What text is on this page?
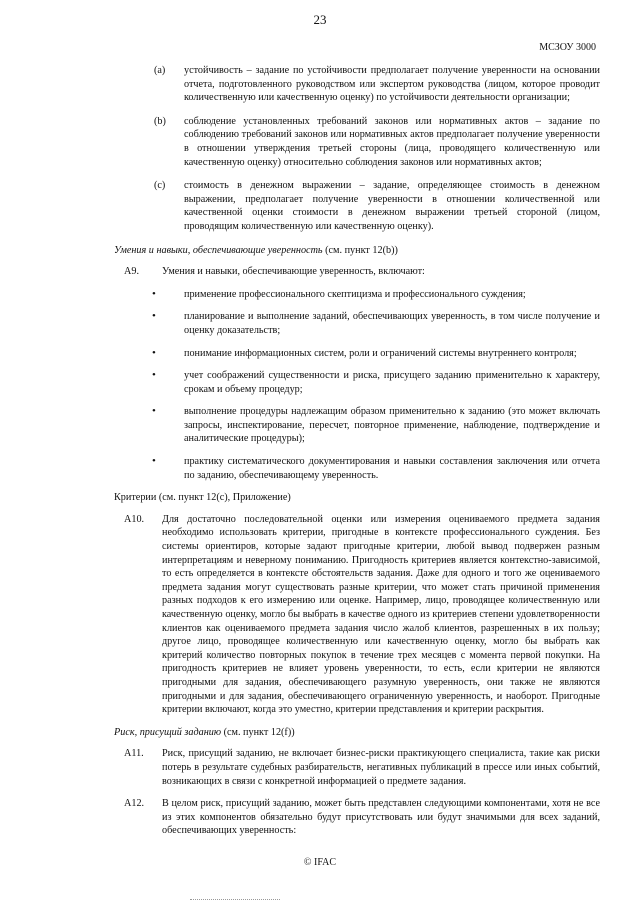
23
МСЗОУ 3000
(a) устойчивость – задание по устойчивости предполагает получение уверенности на основании отчета, подготовленного руководством или экспертом руководства (лицом, которое проводит количественную или качественную оценку) по устойчивости деятельности организации;
(b) соблюдение установленных требований законов или нормативных актов – задание по соблюдению требований законов или нормативных актов предполагает получение уверенности в отношении утверждения третьей стороны (лица, проводящего количественную или качественную оценку) относительно соблюдения законов или нормативных актов;
(c) стоимость в денежном выражении – задание, определяющее стоимость в денежном выражении, предполагает получение уверенности в отношении количественной или качественной оценки стоимости в денежном выражении третьей стороной (лицом, проводящим количественную или качественную оценку).
Умения и навыки, обеспечивающие уверенность (см. пункт 12(b))
A9. Умения и навыки, обеспечивающие уверенность, включают:
•	применение профессионального скептицизма и профессионального суждения;
•	планирование и выполнение заданий, обеспечивающих уверенность, в том числе получение и оценку доказательств;
•	понимание информационных систем, роли и ограничений системы внутреннего контроля;
•	учет соображений существенности и риска, присущего заданию применительно к характеру, срокам и объему процедур;
•	выполнение процедуры надлежащим образом применительно к заданию (это может включать запросы, инспектирование, пересчет, повторное применение, наблюдение, подтверждение и аналитические процедуры);
•	практику систематического документирования и навыки составления заключения или отчета по заданию, обеспечивающему уверенность.
Критерии (см. пункт 12(c), Приложение)
A10. Для достаточно последовательной оценки или измерения оцениваемого предмета задания необходимо использовать критерии, пригодные в контексте профессионального суждения. Без системы ориентиров, которые задают пригодные критерии, любой вывод подвержен разным интерпретациям и неверному пониманию. Пригодность критериев является контекстно-зависимой, то есть определяется в контексте обстоятельств задания. Даже для одного и того же оцениваемого предмета задания могут существовать разные критерии, что может стать причиной применения разных подходов к его измерению или оценке. Например, лицо, проводящее количественную или качественную оценку, могло бы выбрать в качестве одного из критериев степени удовлетворенности клиентов как оцениваемого предмета задания число жалоб клиентов, разрешенных в их пользу; другое лицо, проводящее количественную или качественную оценку, могло бы выбрать как критерий количество повторных покупок в течение трех месяцев с момента первой покупки. На пригодность критериев не влияет уровень уверенности, то есть, если критерии не являются пригодными для задания, обеспечивающего разумную уверенность, они также не являются пригодными и для задания, обеспечивающего ограниченную уверенность, и наоборот. Пригодные критерии включают, когда это уместно, критерии представления и критерии раскрытия.
Риск, присущий заданию (см. пункт 12(f))
A11. Риск, присущий заданию, не включает бизнес-риски практикующего специалиста, такие как риски потерь в результате судебных разбирательств, негативных публикаций в прессе или иных событий, возникающих в связи с конкретной информацией о предмете задания.
A12. В целом риск, присущий заданию, может быть представлен следующими компонентами, хотя не все из этих компонентов обязательно будут присутствовать или будут значимыми для всех заданий, обеспечивающих уверенность:
© IFAC
